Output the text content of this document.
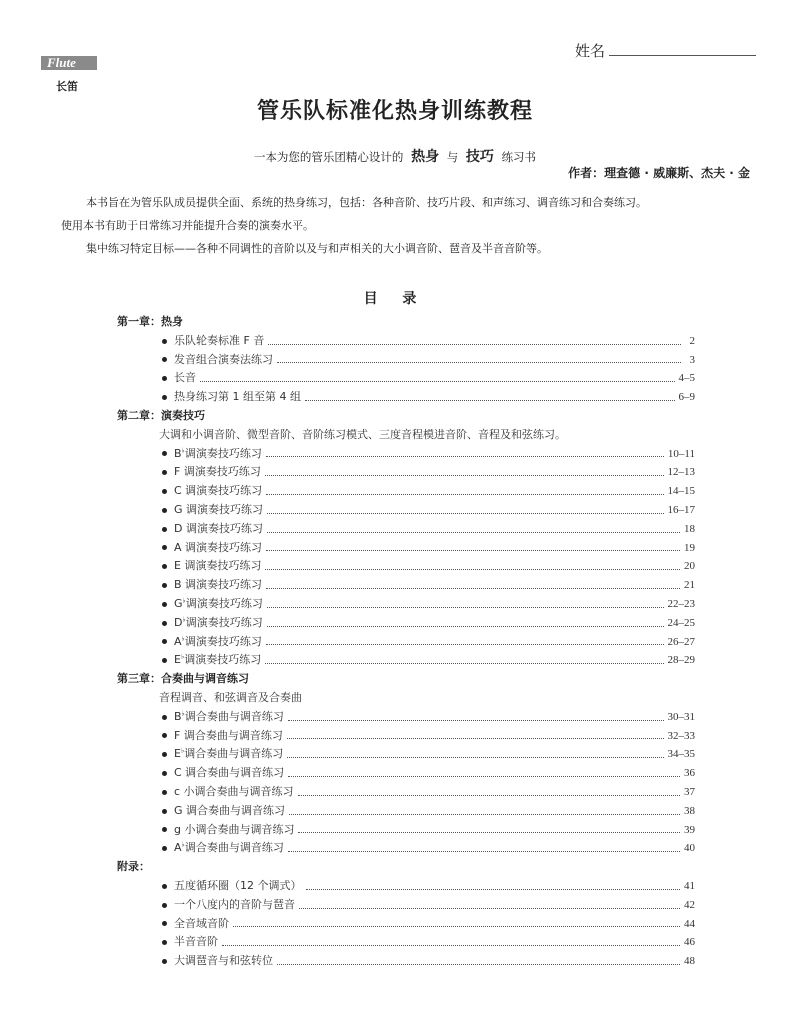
姓名
Flute
长笛
管乐队标准化热身训练教程
一本为您的管乐团精心设计的 热身 与 技巧 练习书
作者：理查德 · 威廉斯、杰夫 · 金
本书旨在为管乐队成员提供全面、系统的热身练习，包括：各种音阶、技巧片段、和声练习、调音练习和合奏练习。
使用本书有助于日常练习并能提升合奏的演奏水平。
集中练习特定目标——各种不同调性的音阶以及与和声相关的大小调音阶、琶音及半音音阶等。
目 录
第一章：热身
乐队轮奏标准 F 音	2
发音组合演奏法练习	3
长音	4–5
热身练习第 1 组至第 4 组	6–9
第二章：演奏技巧
大调和小调音阶、微型音阶、音阶练习模式、三度音程模进音阶、音程及和弦练习。
B♭调演奏技巧练习	10–11
F 调演奏技巧练习	12–13
C 调演奏技巧练习	14–15
G 调演奏技巧练习	16–17
D 调演奏技巧练习	18
A 调演奏技巧练习	19
E 调演奏技巧练习	20
B 调演奏技巧练习	21
G♭调演奏技巧练习	22–23
D♭调演奏技巧练习	24–25
A♭调演奏技巧练习	26–27
E♭调演奏技巧练习	28–29
第三章：合奏曲与调音练习
音程调音、和弦调音及合奏曲
B♭调合奏曲与调音练习	30–31
F 调合奏曲与调音练习	32–33
E♭调合奏曲与调音练习	34–35
C 调合奏曲与调音练习	36
c 小调合奏曲与调音练习	37
G 调合奏曲与调音练习	38
g 小调合奏曲与调音练习	39
A♭调合奏曲与调音练习	40
附录：
五度循环圈（12 个调式）	41
一个八度内的音阶与琶音	42
全音域音阶	44
半音音阶	46
大调琶音与和弦转位	48
